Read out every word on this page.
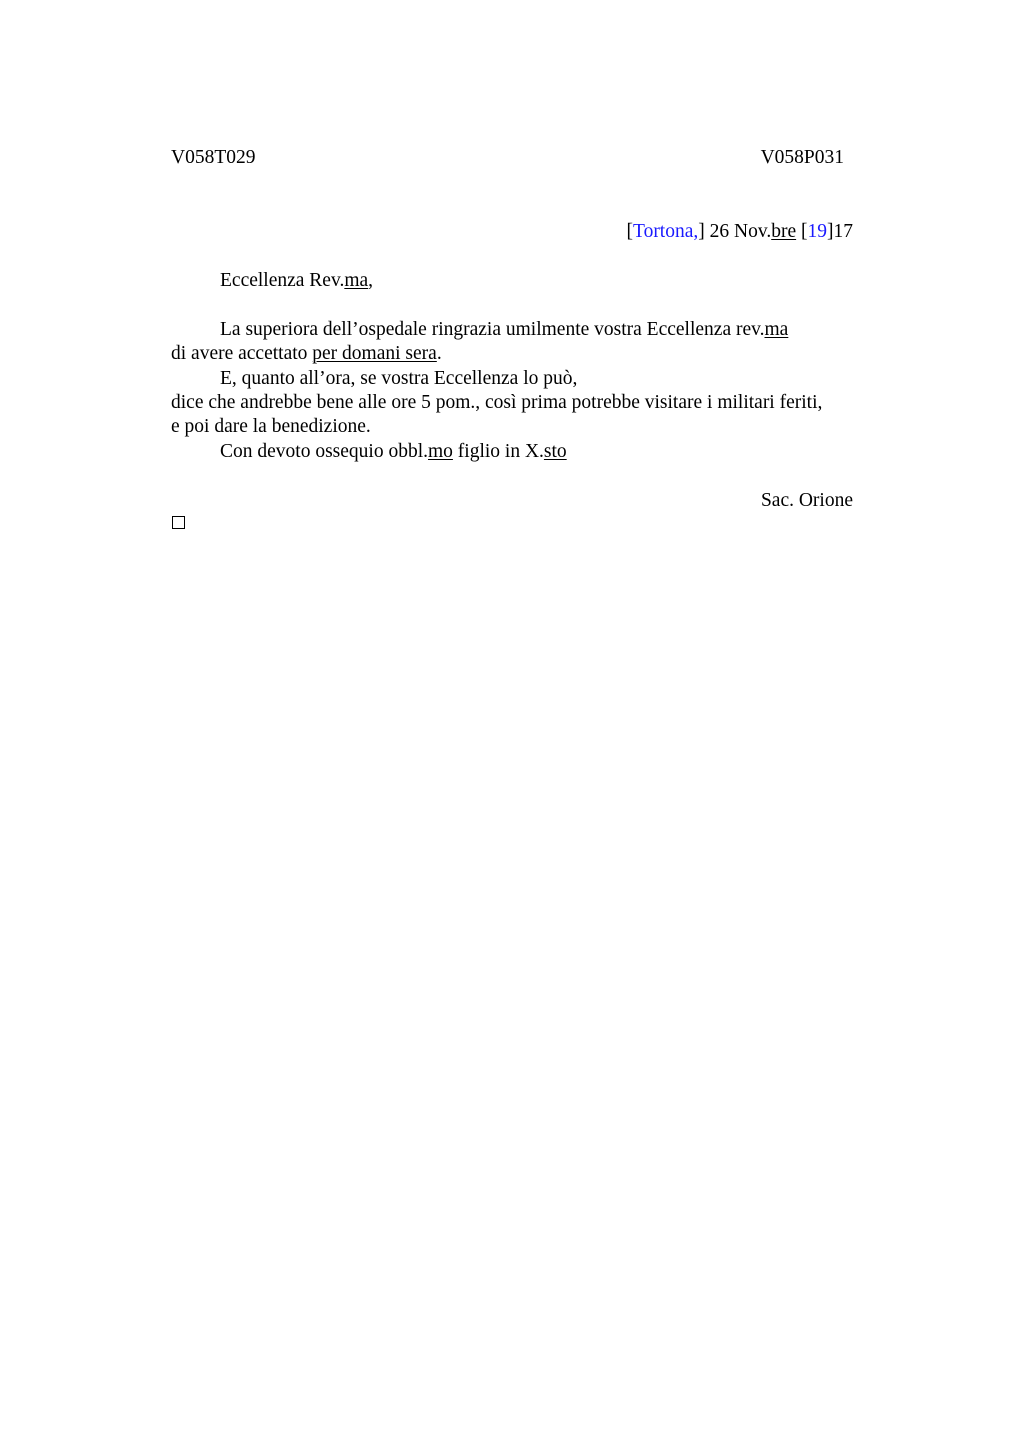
V058T029	V058P031
[Tortona,] 26 Nov.bre [19]17
Eccellenza Rev.ma,
La superiora dell’ospedale ringrazia umilmente vostra Eccellenza rev.ma
di avere accettato per domani sera.
E, quanto all’ora, se vostra Eccellenza lo può,
dice che andrebbe bene alle ore 5 pom., così prima potrebbe visitare i militari feriti,
e poi dare la benedizione.
Con devoto ossequio obbl.mo figlio in X.sto
Sac. Orione
